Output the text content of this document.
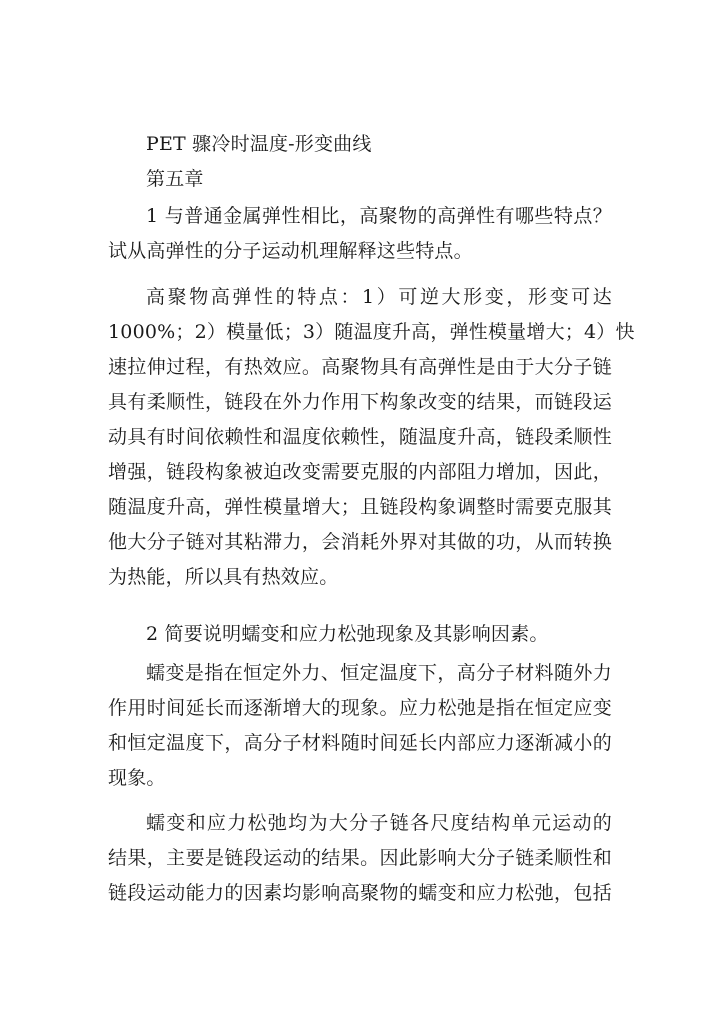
PET 骤冷时温度-形变曲线
第五章
1 与普通金属弹性相比，高聚物的高弹性有哪些特点？
试从高弹性的分子运动机理解释这些特点。
高聚物高弹性的特点：1）可逆大形变，形变可达
1000%；2）模量低；3）随温度升高，弹性模量增大；4）快
速拉伸过程，有热效应。高聚物具有高弹性是由于大分子链
具有柔顺性，链段在外力作用下构象改变的结果，而链段运
动具有时间依赖性和温度依赖性，随温度升高，链段柔顺性
增强，链段构象被迫改变需要克服的内部阻力增加，因此，
随温度升高，弹性模量增大；且链段构象调整时需要克服其
他大分子链对其粘滞力，会消耗外界对其做的功，从而转换
为热能，所以具有热效应。
2 简要说明蠕变和应力松弛现象及其影响因素。
蠕变是指在恒定外力、恒定温度下，高分子材料随外力
作用时间延长而逐渐增大的现象。应力松弛是指在恒定应变
和恒定温度下，高分子材料随时间延长内部应力逐渐减小的
现象。
蠕变和应力松弛均为大分子链各尺度结构单元运动的
结果，主要是链段运动的结果。因此影响大分子链柔顺性和
链段运动能力的因素均影响高聚物的蠕变和应力松弛，包括
